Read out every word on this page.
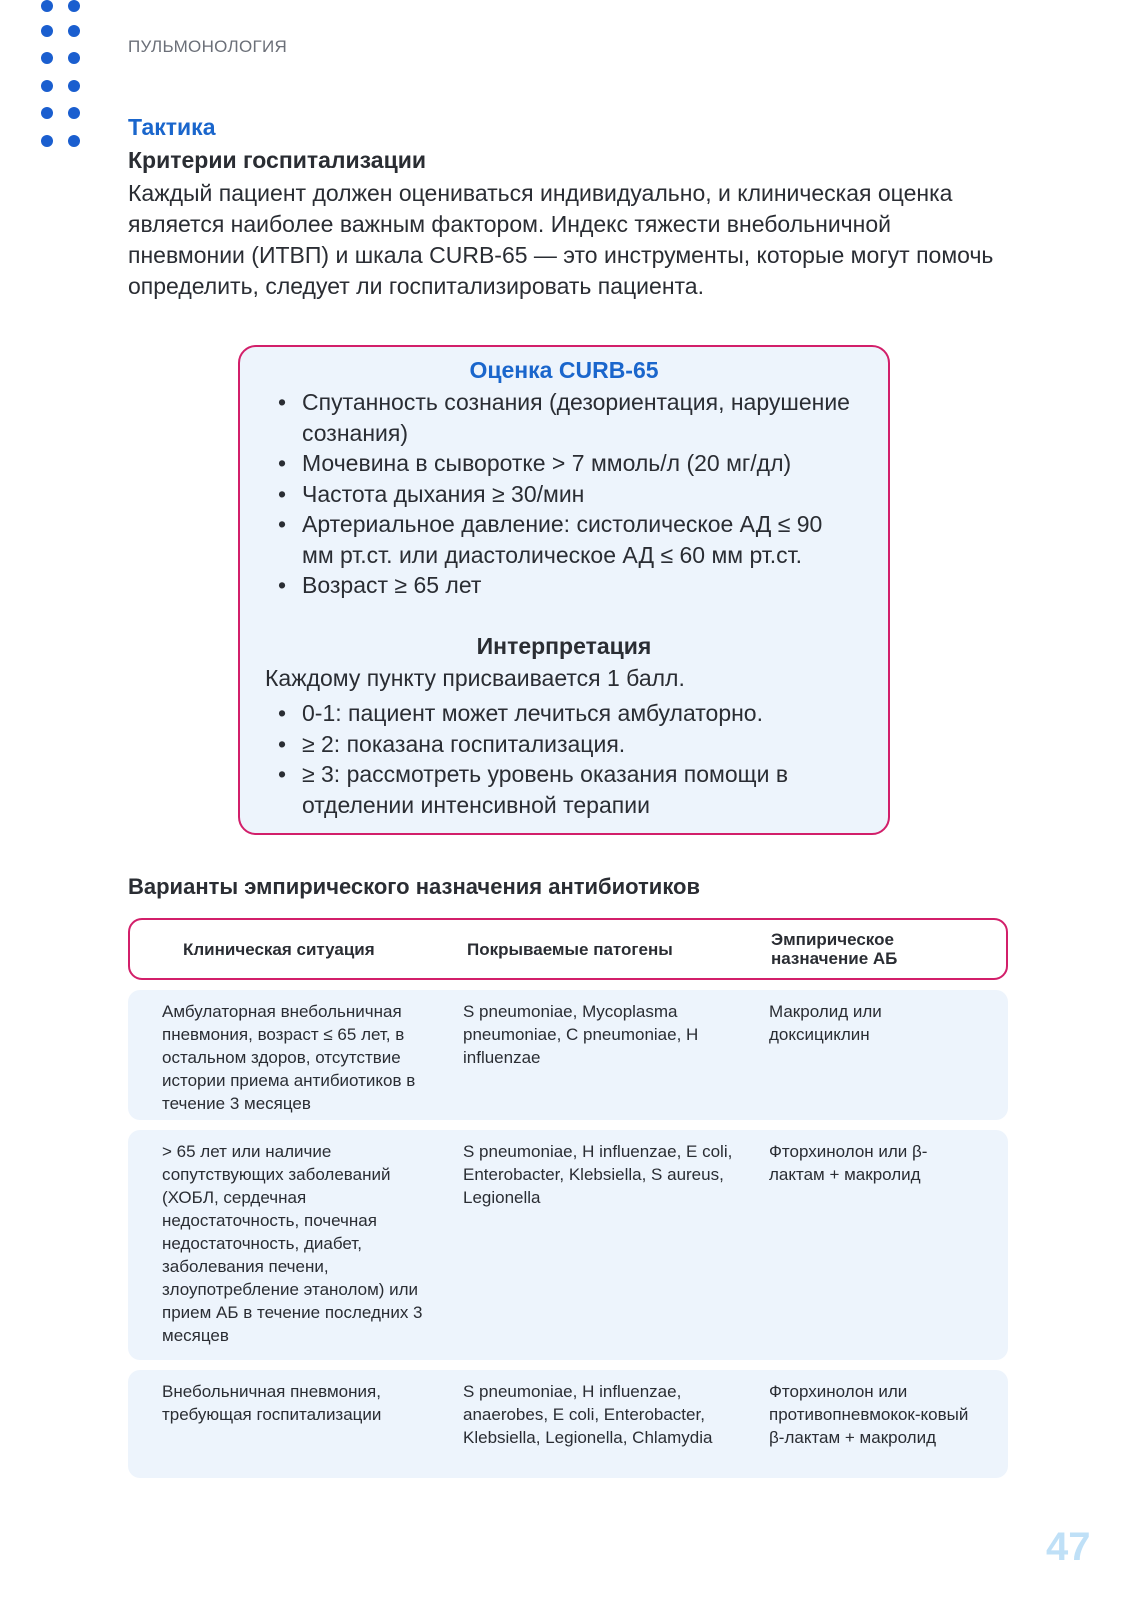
ПУЛЬМОНОЛОГИЯ
Тактика
Критерии госпитализации

Каждый пациент должен оцениваться индивидуально, и клиническая оценка является наиболее важным фактором. Индекс тяжести внебольничной пневмонии (ИТВП) и шкала CURB-65 — это инструменты, которые могут помочь определить, следует ли госпитализировать пациента.

Оценка CURB-65
• Спутанность сознания (дезориентация, нарушение сознания)
• Мочевина в сыворотке > 7 ммоль/л (20 мг/дл)
• Частота дыхания ≥ 30/мин
• Артериальное давление: систолическое АД ≤ 90 мм рт.ст. или диастолическое АД ≤ 60 мм рт.ст.
• Возраст ≥ 65 лет
Интерпретация
Каждому пункту присваивается 1 балл.
• 0-1: пациент может лечиться амбулаторно.
• ≥ 2: показана госпитализация.
• ≥ 3: рассмотреть уровень оказания помощи в отделении интенсивной терапии
Варианты эмпирического назначения антибиотиков
Клиническая ситуация	Покрываемые патогены
Эмпирическое назначение АБ
Амбулаторная внебольничная пневмония, возраст ≤ 65 лет, в остальном здоров, отсутствие истории приема антибиотиков в течение 3 месяцев
S pneumoniae, Mycoplasma pneumoniae, C pneumoniae, H influenzae
Макролид или доксициклин
> 65 лет или наличие сопутствующих заболеваний (ХОБЛ, сердечная недостаточность, почечная недостаточность, диабет, заболевания печени, злоупотребление этанолом) или прием АБ в течение последних 3 месяцев
S pneumoniae, H influenzae, E coli, Enterobacter, Klebsiella, S aureus, Legionella
Фторхинолон или β-лактам + макролид
Внебольничная пневмония, требующая госпитализации
S pneumoniae, H influenzae, anaerobes, E coli, Enterobacter, Klebsiella, Legionella, Chlamydia
Фторхинолон или противопневмокок-ковый β-лактам + макролид
47
